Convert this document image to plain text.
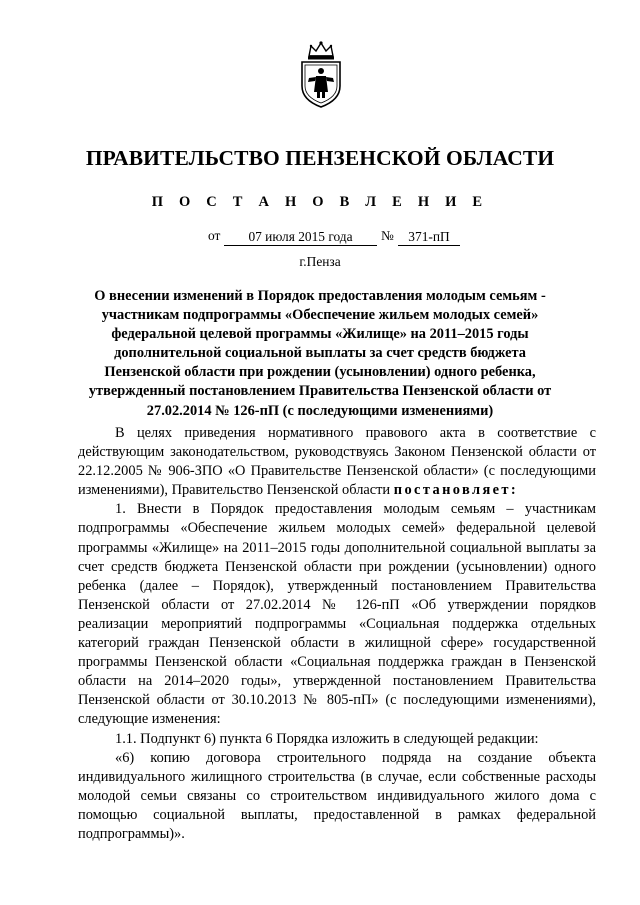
ПРАВИТЕЛЬСТВО ПЕНЗЕНСКОЙ ОБЛАСТИ
П О С Т А Н О В Л Е Н И Е
от	07 июля 2015 года	№	371-пП
г.Пенза
О внесении изменений в Порядок предоставления молодым семьям - участникам подпрограммы «Обеспечение жильем молодых семей» федеральной целевой программы «Жилище» на 2011–2015 годы дополнительной социальной выплаты за счет средств бюджета Пензенской области при рождении (усыновлении) одного ребенка, утвержденный постановлением Правительства Пензенской области от 27.02.2014 № 126-пП (с последующими изменениями)

В целях приведения нормативного правового акта в соответствие с действующим законодательством, руководствуясь Законом Пензенской области от 22.12.2005 № 906-ЗПО «О Правительстве Пензенской области» (с последующими изменениями), Правительство Пензенской области постановляет:

1. Внести в Порядок предоставления молодым семьям – участникам подпрограммы «Обеспечение жильем молодых семей» федеральной целевой программы «Жилище» на 2011–2015 годы дополнительной социальной выплаты за счет средств бюджета Пензенской области при рождении (усыновлении) одного ребенка (далее – Порядок), утвержденный постановлением Правительства Пензенской области от 27.02.2014 № 126-пП «Об утверждении порядков реализации мероприятий подпрограммы «Социальная поддержка отдельных категорий граждан Пензенской области в жилищной сфере» государственной программы Пензенской области «Социальная поддержка граждан в Пензенской области на 2014–2020 годы», утвержденной постановлением Правительства Пензенской области от 30.10.2013 № 805-пП» (с последующими изменениями), следующие изменения:

1.1. Подпункт 6) пункта 6 Порядка изложить в следующей редакции:

«6) копию договора строительного подряда на создание объекта индивидуального жилищного строительства (в случае, если собственные расходы молодой семьи связаны со строительством индивидуального жилого дома с помощью социальной выплаты, предоставленной в рамках федеральной подпрограммы)».
